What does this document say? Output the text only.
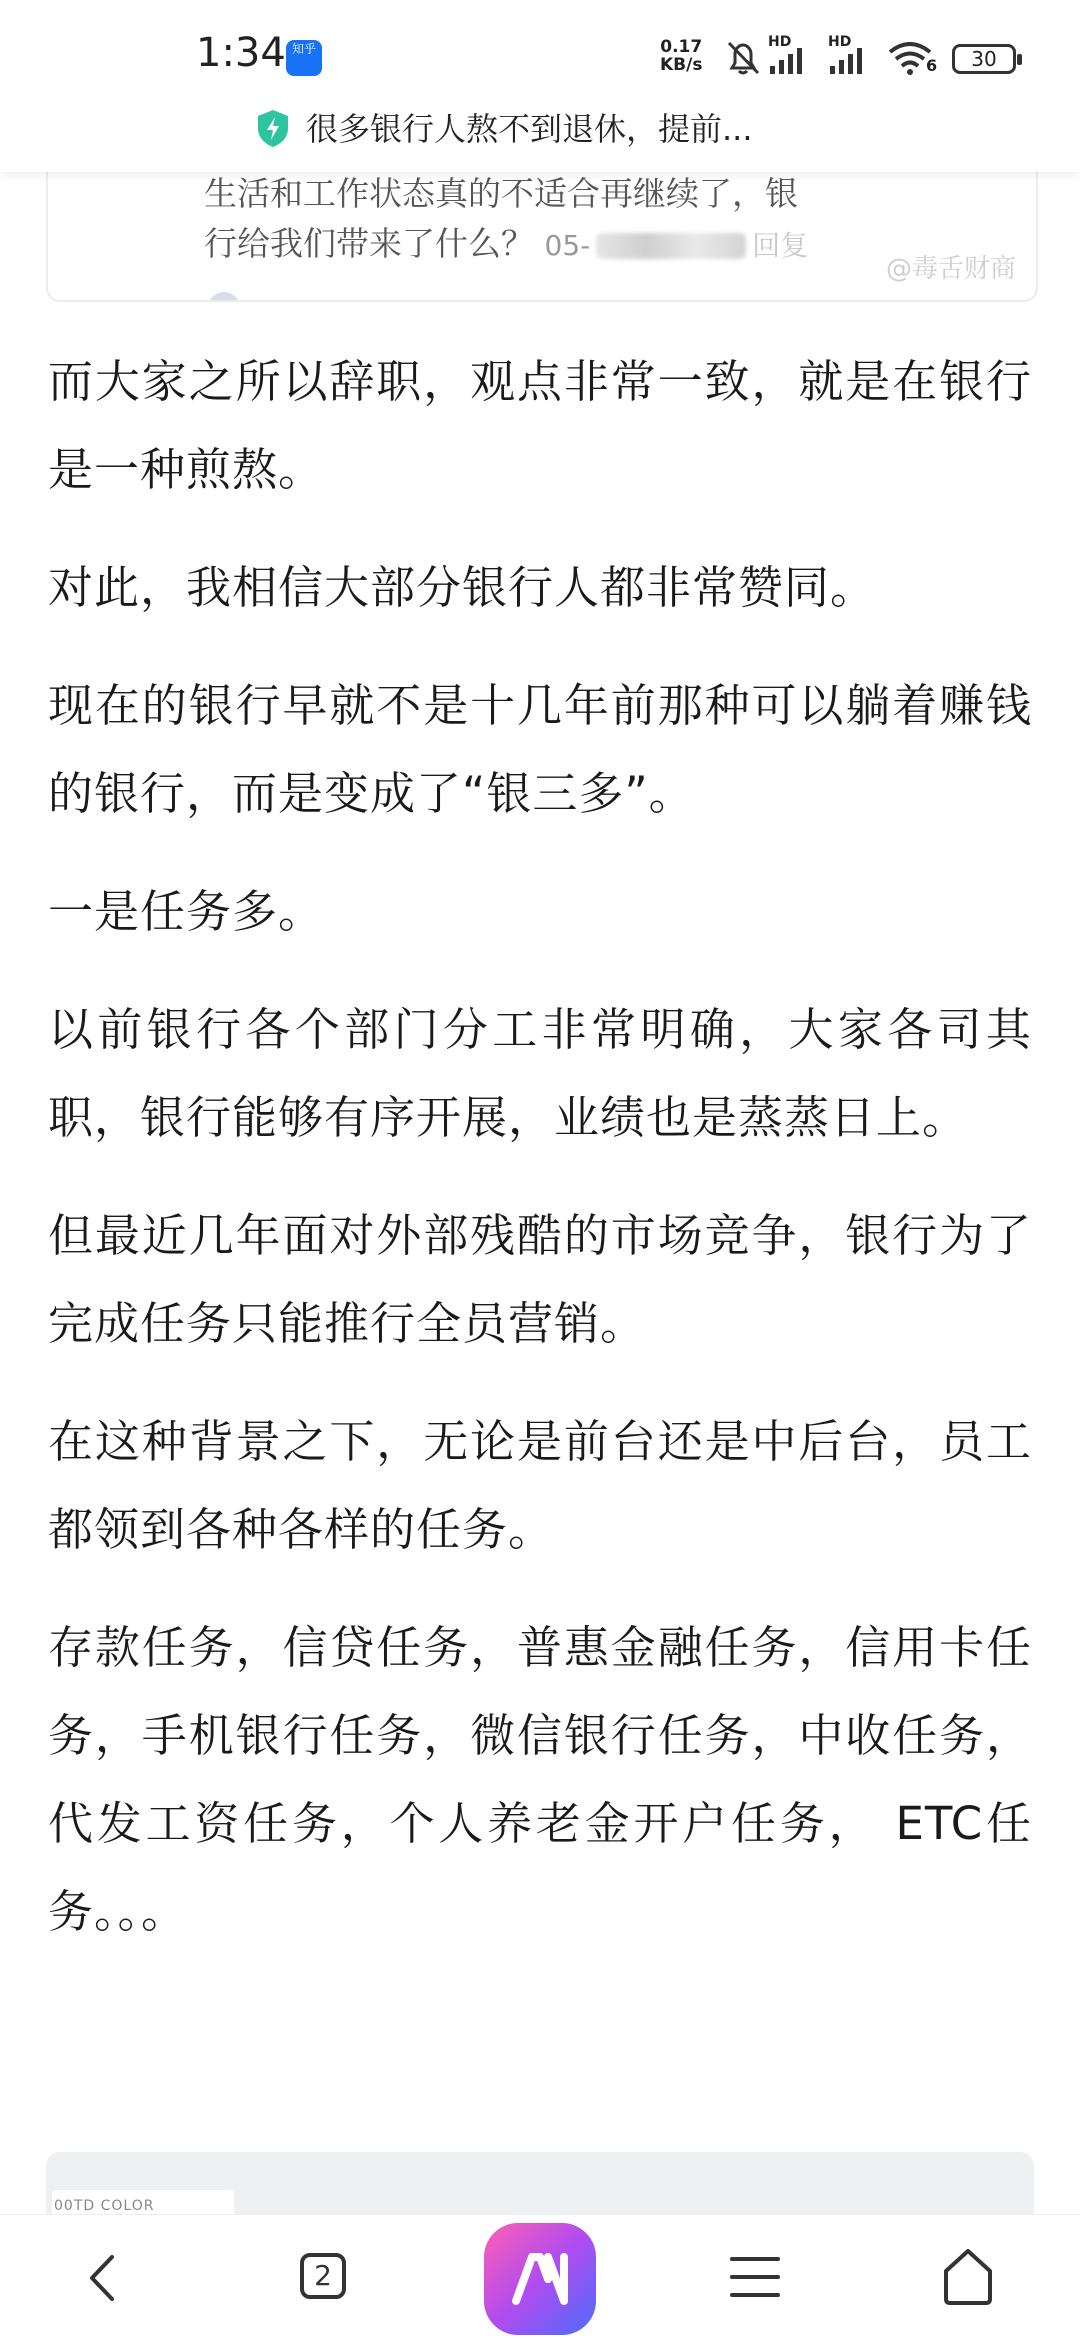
1:34 知乎	0.17
KB/s
HD	HD
6	30
很多银行人熬不到退休，提前...
生活和工作状态真的不适合再继续了，银
行给我们带来了什么？ 05-	回复
@毒舌财商

而大家之所以辞职，观点非常一致，就是在银行是一种煎熬。

对此，我相信大部分银行人都非常赞同。

现在的银行早就不是十几年前那种可以躺着赚钱的银行，而是变成了“银三多”。

一是任务多。

以前银行各个部门分工非常明确，大家各司其职，银行能够有序开展，业绩也是蒸蒸日上。

但最近几年面对外部残酷的市场竞争，银行为了完成任务只能推行全员营销。

在这种背景之下，无论是前台还是中后台，员工都领到各种各样的任务。

存款任务，信贷任务，普惠金融任务，信用卡任务，手机银行任务，微信银行任务，中收任务，代发工资任务，个人养老金开户任务， ETC任务。。。

00TD COLOR
2
